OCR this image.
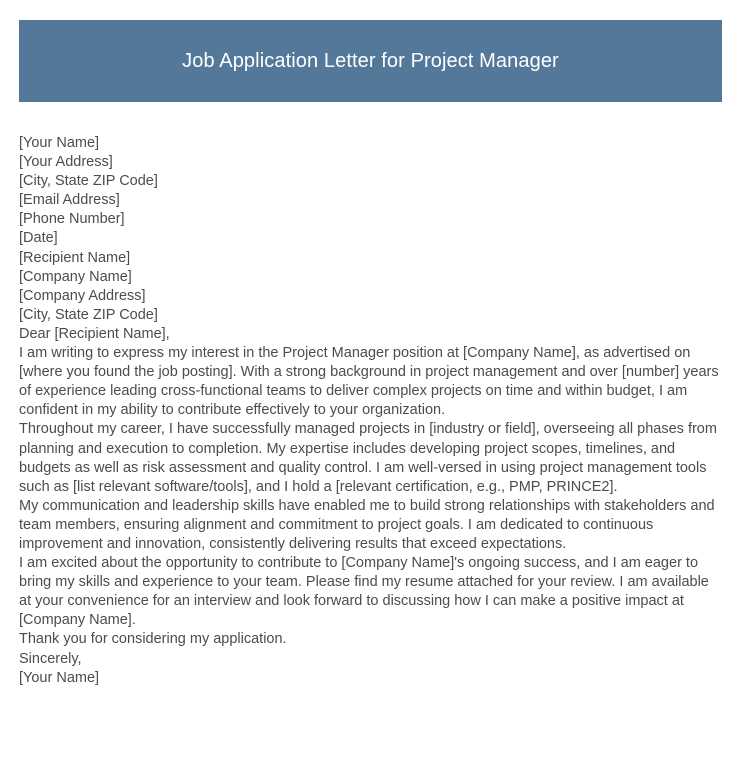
Job Application Letter for Project Manager
[Your Name]
[Your Address]
[City, State ZIP Code]
[Email Address]
[Phone Number]
[Date]
[Recipient Name]
[Company Name]
[Company Address]
[City, State ZIP Code]
Dear [Recipient Name],

I am writing to express my interest in the Project Manager position at [Company Name], as advertised on [where you found the job posting]. With a strong background in project management and over [number] years of experience leading cross-functional teams to deliver complex projects on time and within budget, I am confident in my ability to contribute effectively to your organization.

Throughout my career, I have successfully managed projects in [industry or field], overseeing all phases from planning and execution to completion. My expertise includes developing project scopes, timelines, and budgets as well as risk assessment and quality control. I am well-versed in using project management tools such as [list relevant software/tools], and I hold a [relevant certification, e.g., PMP, PRINCE2].

My communication and leadership skills have enabled me to build strong relationships with stakeholders and team members, ensuring alignment and commitment to project goals. I am dedicated to continuous improvement and innovation, consistently delivering results that exceed expectations.

I am excited about the opportunity to contribute to [Company Name]'s ongoing success, and I am eager to bring my skills and experience to your team. Please find my resume attached for your review. I am available at your convenience for an interview and look forward to discussing how I can make a positive impact at [Company Name].

Thank you for considering my application.
Sincerely,
[Your Name]
